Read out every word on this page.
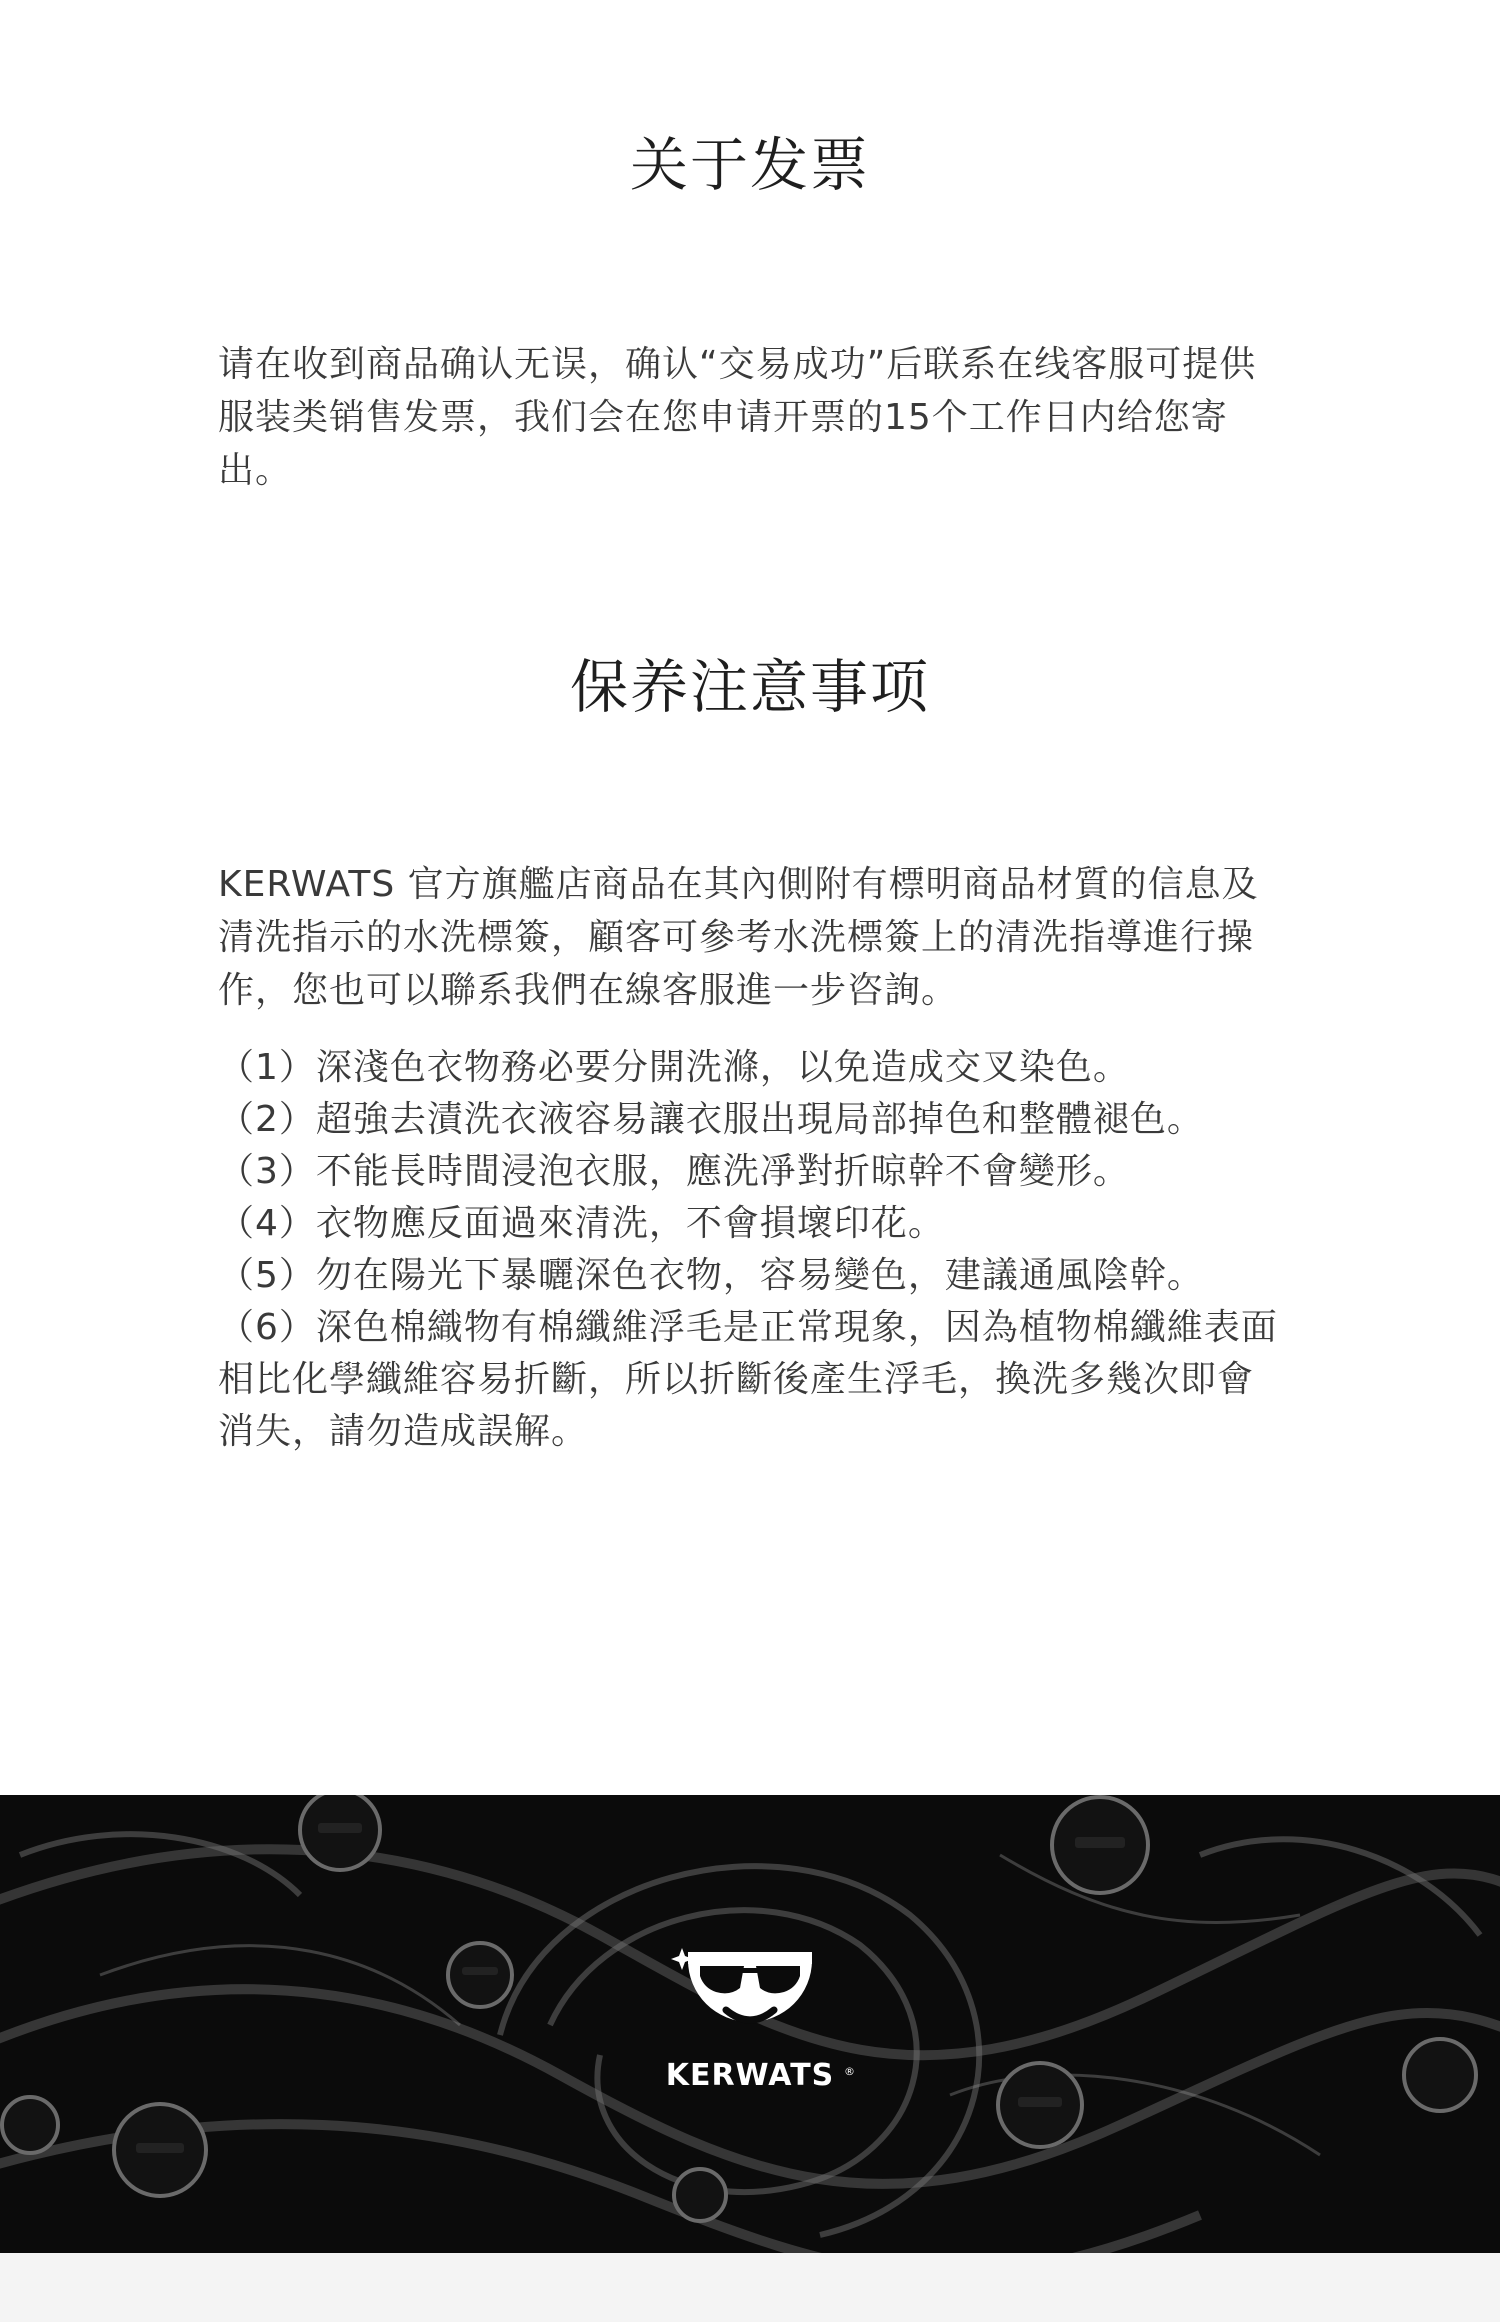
关于发票

请在收到商品确认无误，确认“交易成功”后联系在线客服可提供服装类销售发票，我们会在您申请开票的15个工作日内给您寄出。

保养注意事项

KERWATS 官方旗艦店商品在其內側附有標明商品材質的信息及清洗指示的水洗標簽，顧客可參考水洗標簽上的清洗指導進行操作，您也可以聯系我們在線客服進一步咨詢。

（1）深淺色衣物務必要分開洗滌，以免造成交叉染色。
（2）超強去漬洗衣液容易讓衣服出現局部掉色和整體褪色。
（3）不能長時間浸泡衣服，應洗凈對折晾幹不會變形。
（4）衣物應反面過來清洗，不會損壞印花。
（5）勿在陽光下暴曬深色衣物，容易變色，建議通風陰幹。
（6）深色棉織物有棉纖維浮毛是正常現象，因為植物棉纖維表面相比化學纖維容易折斷，所以折斷後產生浮毛，換洗多幾次即會消失，請勿造成誤解。
KERWATS ®
